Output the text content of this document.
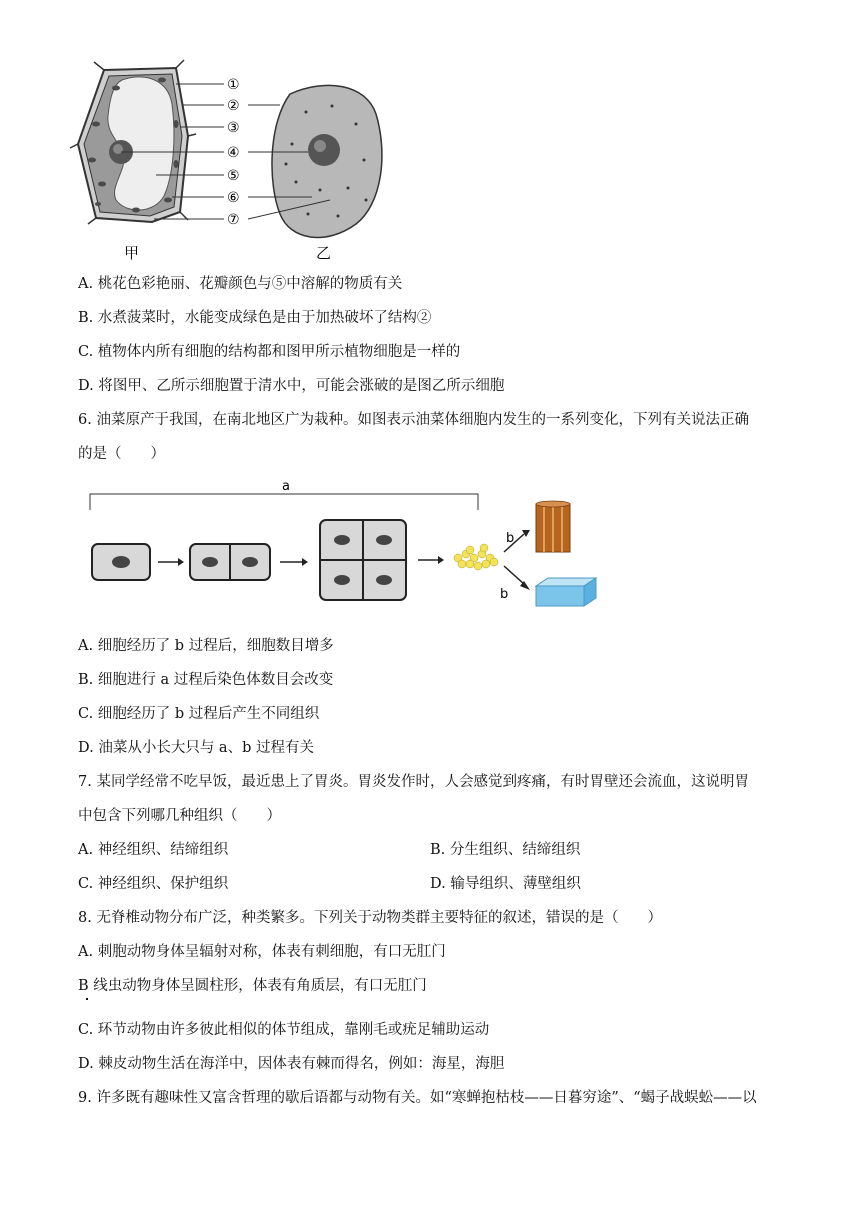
①
②
③
④
⑤
⑥
⑦
甲	乙
A. 桃花色彩艳丽、花瓣颜色与⑤中溶解的物质有关
B. 水煮菠菜时，水能变成绿色是由于加热破坏了结构②
C. 植物体内所有细胞的结构都和图甲所示植物细胞是一样的
D. 将图甲、乙所示细胞置于清水中，可能会涨破的是图乙所示细胞
6. 油菜原产于我国，在南北地区广为栽种。如图表示油菜体细胞内发生的一系列变化，下列有关说法正确
的是（　　）
a
b
b
A. 细胞经历了 b 过程后，细胞数目增多
B. 细胞进行 a 过程后染色体数目会改变
C. 细胞经历了 b 过程后产生不同组织
D. 油菜从小长大只与 a、b 过程有关
7. 某同学经常不吃早饭，最近患上了胃炎。胃炎发作时，人会感觉到疼痛，有时胃壁还会流血，这说明胃
中包含下列哪几种组织（　　）
A. 神经组织、结缔组织	B. 分生组织、结缔组织
C. 神经组织、保护组织	D. 输导组织、薄壁组织
8. 无脊椎动物分布广泛，种类繁多。下列关于动物类群主要特征的叙述，错误的是（　　）
A. 刺胞动物身体呈辐射对称，体表有刺细胞，有口无肛门
B 线虫动物身体呈圆柱形，体表有角质层，有口无肛门
C. 环节动物由许多彼此相似的体节组成，靠刚毛或疣足辅助运动
D. 棘皮动物生活在海洋中，因体表有棘而得名，例如：海星，海胆
9. 许多既有趣味性又富含哲理的歇后语都与动物有关。如“寒蝉抱枯枝——日暮穷途”、“蝎子战蜈蚣——以
